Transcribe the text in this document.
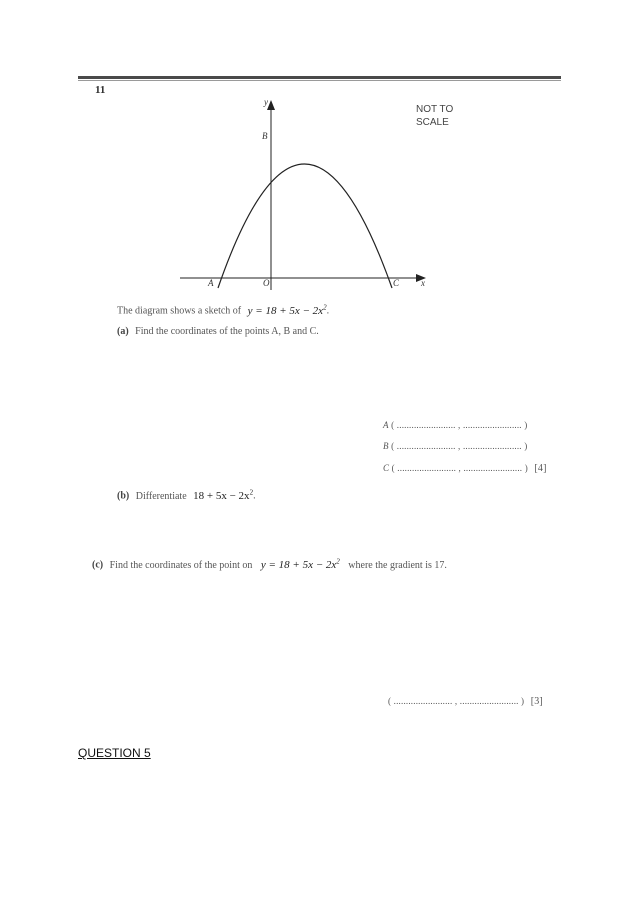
11
y
x
B
A	O	C
NOT TO
SCALE
The diagram shows a sketch of $y = 18 + 5x - 2x^2$.
(a) Find the coordinates of the points A, B and C.
A ( ........................ , ........................ )
B ( ........................ , ........................ )
C ( ........................ , ........................ ) [4]
(b) Differentiate $18 + 5x - 2x^2$.
(c) Find the coordinates of the point on $y = 18 + 5x - 2x^2$ where the gradient is 17.
( ........................ , ........................ ) [3]
QUESTION 5
